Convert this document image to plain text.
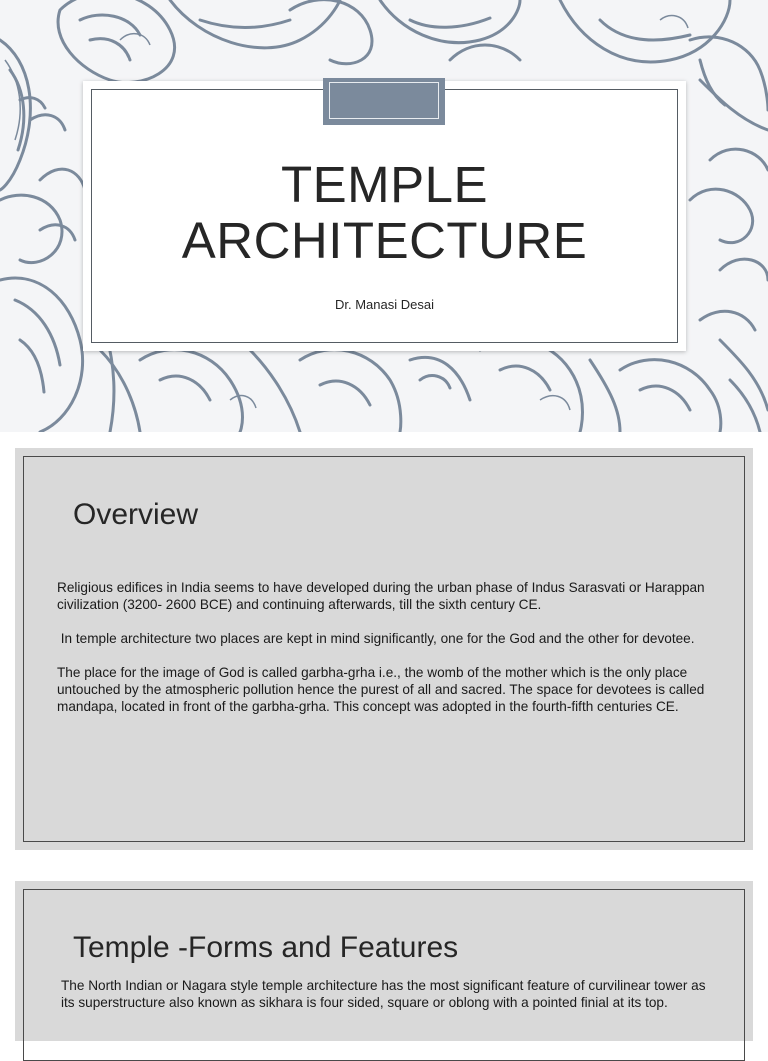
TEMPLE
ARCHITECTURE
Dr. Manasi Desai
Overview

Religious edifices in India seems to have developed during the urban phase of Indus Sarasvati or Harappan civilization (3200- 2600 BCE) and continuing afterwards, till the sixth century CE.

In temple architecture two places are kept in mind significantly, one for the God and the other for devotee.

The place for the image of God is called garbha-grha i.e., the womb of the mother which is the only place untouched by the atmospheric pollution hence the purest of all and sacred. The space for devotees is called mandapa, located in front of the garbha-grha. This concept was adopted in the fourth-fifth centuries CE.

Temple -Forms and Features

The North Indian or Nagara style temple architecture has the most significant feature of curvilinear tower as its superstructure also known as sikhara is four sided, square or oblong with a pointed finial at its top.
